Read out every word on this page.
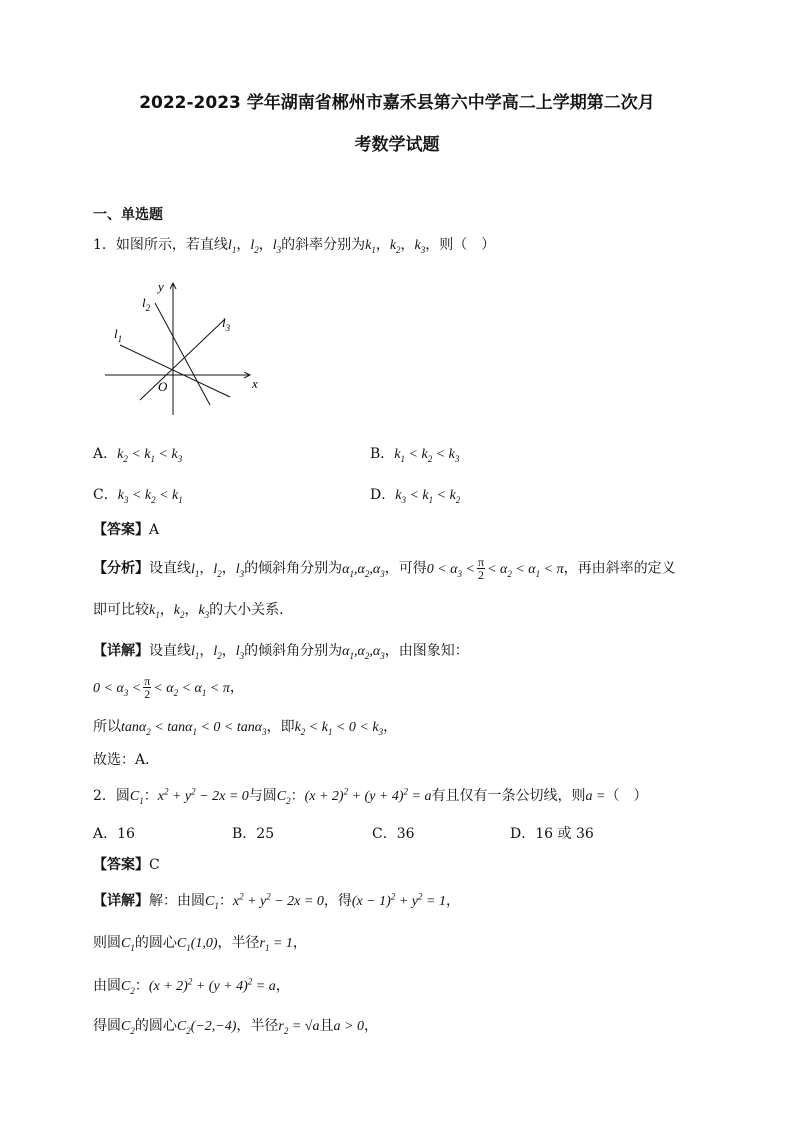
2022-2023 学年湖南省郴州市嘉禾县第六中学高二上学期第二次月
考数学试题
一、单选题
1．如图所示，若直线$l_1$，$l_2$，$l_3$的斜率分别为$k_1$，$k_2$，$k_3$，则（　）
y
x
O
$l_2$
$l_1$
$l_3$
A．$k_2 < k_1 < k_3$	B．$k_1 < k_2 < k_3$
C．$k_3 < k_2 < k_1$	D．$k_3 < k_1 < k_2$
【答案】A
【分析】设直线$l_1$，$l_2$，$l_3$的倾斜角分别为$\alpha_1,\alpha_2,\alpha_3$，可得$0 < \alpha_3 < \frac{\pi}{2} < \alpha_2 < \alpha_1 < \pi$，再由斜率的定义
即可比较$k_1$，$k_2$，$k_3$的大小关系.
【详解】设直线$l_1$，$l_2$，$l_3$的倾斜角分别为$\alpha_1,\alpha_2,\alpha_3$，由图象知：
$0 < \alpha_3 < \frac{\pi}{2} < \alpha_2 < \alpha_1 < \pi$，
所以tanα$_2$ < tanα$_1$ < 0 < tanα$_3$，即$k_2 < k_1 < 0 < k_3$，
故选：A．
2．圆$C_1$：$x^2 + y^2 - 2x = 0$与圆$C_2$：$(x + 2)^2 + (y + 4)^2 = a$有且仅有一条公切线，则a =（　）
A．16	B．25	C．36	D．16 或 36
【答案】C
【详解】解：由圆$C_1$：$x^2 + y^2 - 2x = 0$，得$(x - 1)^2 + y^2 = 1$，
则圆$C_1$的圆心$C_1(1,0)$，半径$r_1 = 1$，
由圆$C_2$：$(x + 2)^2 + (y + 4)^2 = a$，
得圆$C_2$的圆心$C_2(-2,-4)$，半径$r_2 = √a$且a > 0，
